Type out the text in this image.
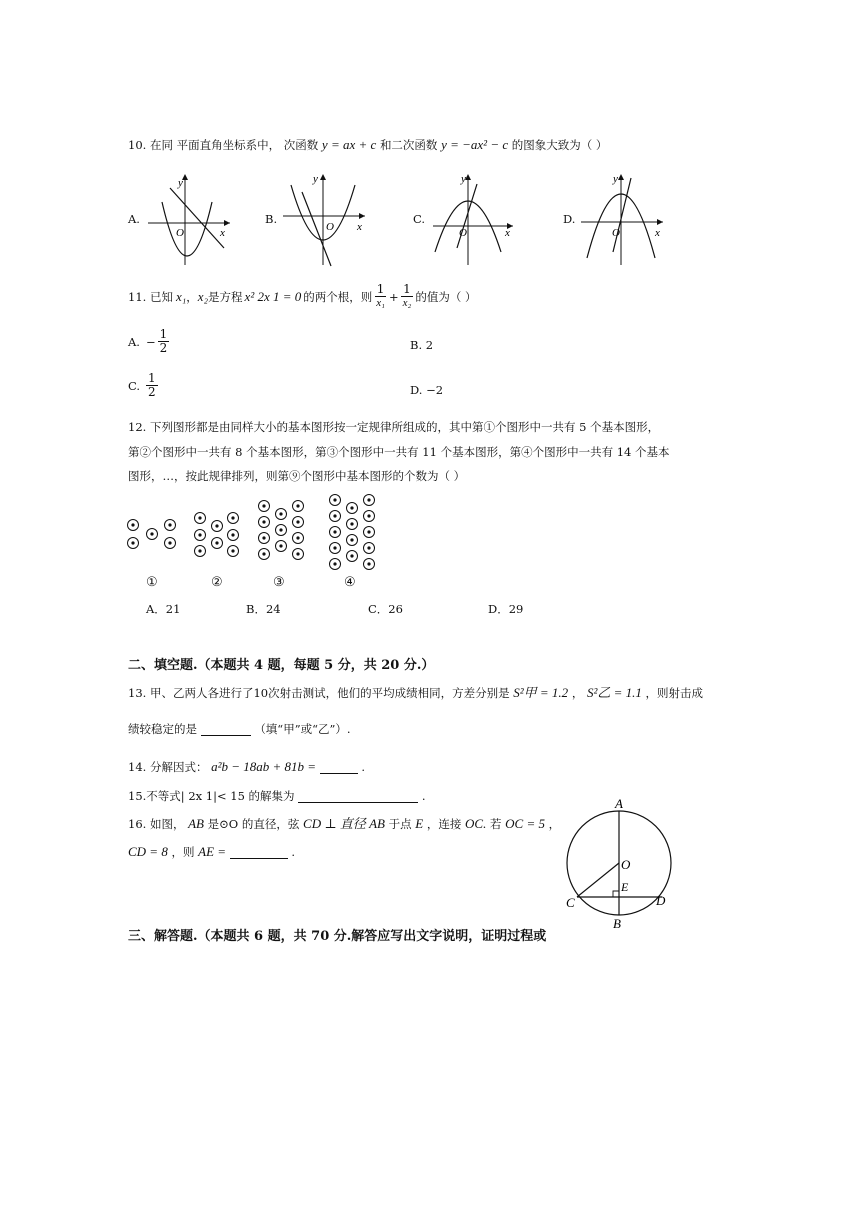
10. 在同 平面直角坐标系中， 次函数 y = ax + c 和二次函数 y = −ax² − c 的图象大致为（ ）
A.	B.	C.	D.
y
x
O
y
x
O
y
x
O
y
x
O
11. 已知 x₁ ， x₂ 是方程 x² 2x 1 = 0 的两个根，则 $\frac{1}{\text{x₁}} + \frac{1}{\text{x₂}}$ 的值为（ ）
A. − $\frac{1}{2}$	B. 2
C. $\frac{1}{2}$	D. −2
12. 下列图形都是由同样大小的基本图形按一定规律所组成的，其中第①个图形中一共有 5 个基本图形，
第②个图形中一共有 8 个基本图形，第③个图形中一共有 11 个基本图形，第④个图形中一共有 14 个基本
图形，…，按此规律排列，则第⑨个图形中基本图形的个数为（ ）
①	②	③	④
A．21	B．24	C．26	D．29
二、填空题.（本题共 4 题，每题 5 分，共 20 分.）
13. 甲、乙两人各进行了10次射击测试，他们的平均成绩相同，方差分别是 S²甲 = 1.2 ， S²乙 = 1.1 ，则射击成
绩较稳定的是	（填“甲”或“乙”）.
14. 分解因式： a²b − 18ab + 81b =	.
15.不等式| 2x 1|< 15 的解集为	.
16. 如图， AB 是⊙O 的直径，弦 CD ⊥ 直径 AB 于点 E ，连接 OC. 若 OC = 5 ，
CD = 8 ，则 AE =	.
A
O
E
C	D
B
三、解答题.（本题共 6 题，共 70 分.解答应写出文字说明，证明过程或
